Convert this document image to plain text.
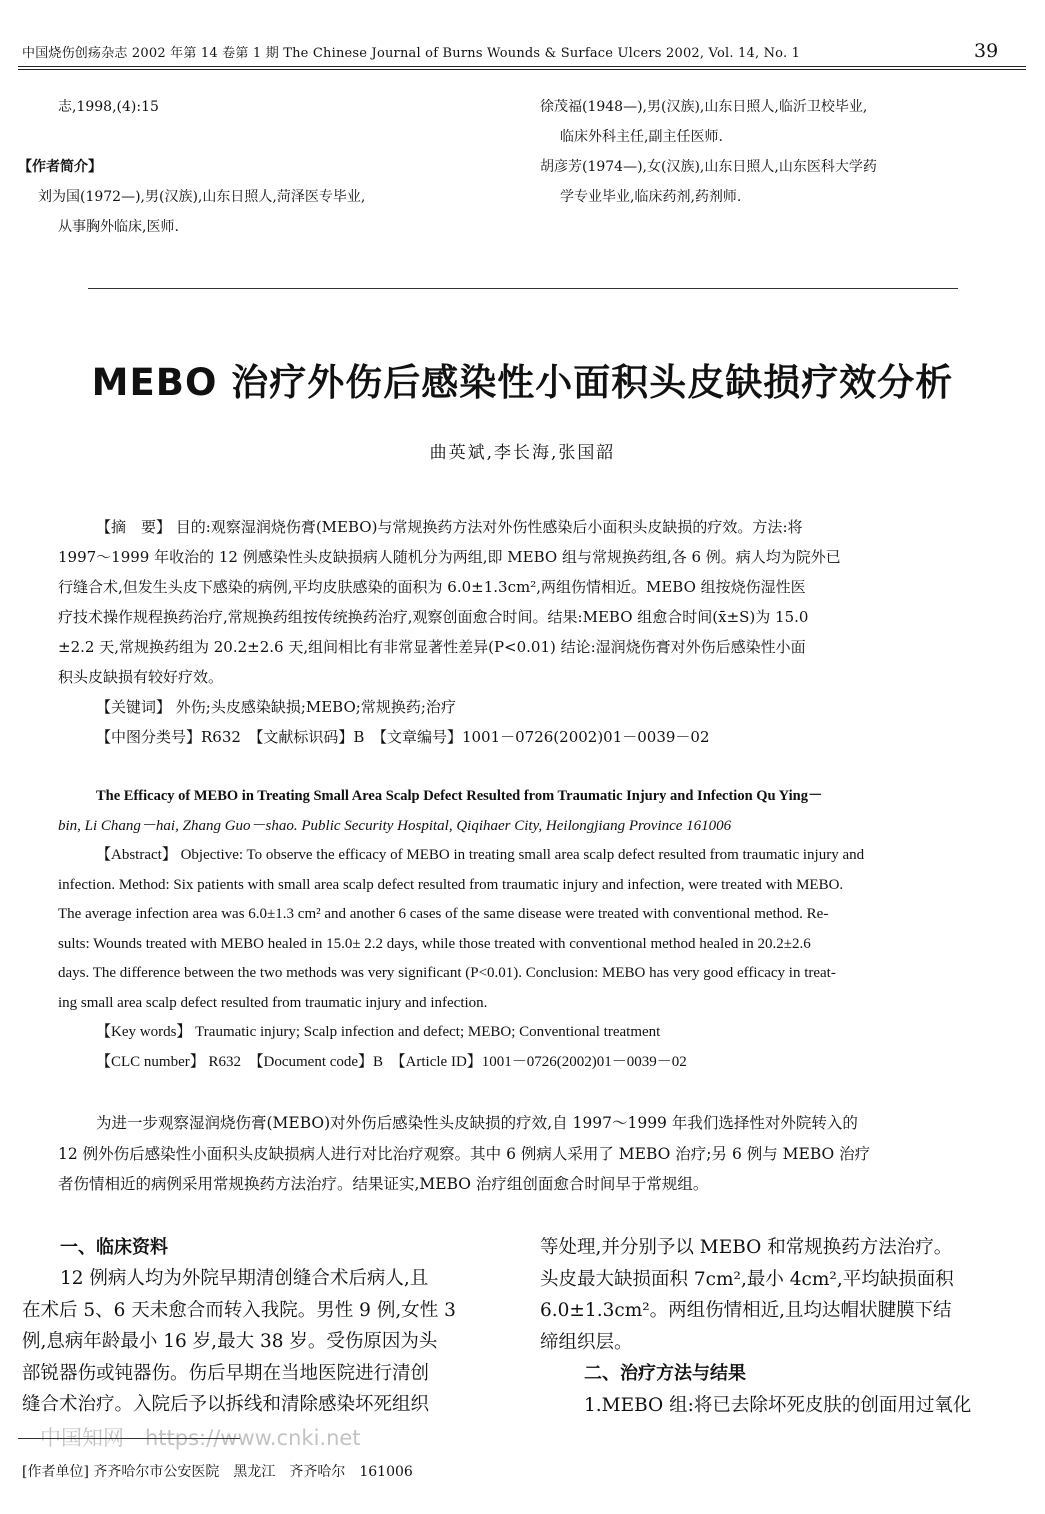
中国烧伤创疡杂志 2002 年第 14 卷第 1 期 The Chinese Journal of Burns Wounds & Surface Ulcers 2002, Vol. 14, No. 1	39
志,1998,(4):15
【作者简介】
刘为国(1972—),男(汉族),山东日照人,菏泽医专毕业,
从事胸外临床,医师.
徐茂福(1948—),男(汉族),山东日照人,临沂卫校毕业,
临床外科主任,副主任医师.
胡彦芳(1974—),女(汉族),山东日照人,山东医科大学药
学专业毕业,临床药剂,药剂师.
MEBO 治疗外伤后感染性小面积头皮缺损疗效分析
曲英斌,李长海,张国韶

【摘　要】 目的:观察湿润烧伤膏(MEBO)与常规换药方法对外伤性感染后小面积头皮缺损的疗效。方法:将

1997～1999 年收治的 12 例感染性头皮缺损病人随机分为两组,即 MEBO 组与常规换药组,各 6 例。病人均为院外已

行缝合术,但发生头皮下感染的病例,平均皮肤感染的面积为 6.0±1.3cm²,两组伤情相近。MEBO 组按烧伤湿性医

疗技术操作规程换药治疗,常规换药组按传统换药治疗,观察创面愈合时间。结果:MEBO 组愈合时间(x̄±S)为 15.0

±2.2 天,常规换药组为 20.2±2.6 天,组间相比有非常显著性差异(P<0.01) 结论:湿润烧伤膏对外伤后感染性小面

积头皮缺损有较好疗效。

【关键词】 外伤;头皮感染缺损;MEBO;常规换药;治疗

【中图分类号】R632　【文献标识码】B　【文章编号】1001－0726(2002)01－0039－02

The Efficacy of MEBO in Treating Small Area Scalp Defect Resulted from Traumatic Injury and Infection Qu Ying－

bin, Li Chang－hai, Zhang Guo－shao. Public Security Hospital, Qiqihaer City, Heilongjiang Province 161006

【Abstract】 Objective: To observe the efficacy of MEBO in treating small area scalp defect resulted from traumatic injury and

infection. Method: Six patients with small area scalp defect resulted from traumatic injury and infection, were treated with MEBO.

The average infection area was 6.0±1.3 cm² and another 6 cases of the same disease were treated with conventional method. Re-

sults: Wounds treated with MEBO healed in 15.0± 2.2 days, while those treated with conventional method healed in 20.2±2.6

days. The difference between the two methods was very significant (P<0.01). Conclusion: MEBO has very good efficacy in treat-

ing small area scalp defect resulted from traumatic injury and infection.

【Key words】 Traumatic injury; Scalp infection and defect; MEBO; Conventional treatment

【CLC number】 R632　【Document code】B　【Article ID】1001－0726(2002)01－0039－02

为进一步观察湿润烧伤膏(MEBO)对外伤后感染性头皮缺损的疗效,自 1997～1999 年我们选择性对外院转入的

12 例外伤后感染性小面积头皮缺损病人进行对比治疗观察。其中 6 例病人采用了 MEBO 治疗;另 6 例与 MEBO 治疗

者伤情相近的病例采用常规换药方法治疗。结果证实,MEBO 治疗组创面愈合时间早于常规组。

一、临床资料

12 例病人均为外院早期清创缝合术后病人,且

在术后 5、6 天未愈合而转入我院。男性 9 例,女性 3

例,息病年龄最小 16 岁,最大 38 岁。受伤原因为头

部锐器伤或钝器伤。伤后早期在当地医院进行清创

缝合术治疗。入院后予以拆线和清除感染坏死组织

等处理,并分别予以 MEBO 和常规换药方法治疗。

头皮最大缺损面积 7cm²,最小 4cm²,平均缺损面积

6.0±1.3cm²。两组伤情相近,且均达帽状腱膜下结

缔组织层。

二、治疗方法与结果

1.MEBO 组:将已去除坏死皮肤的创面用过氧化

中国知网　https://www.cnki.net
[作者单位] 齐齐哈尔市公安医院　黑龙江　齐齐哈尔　161006
